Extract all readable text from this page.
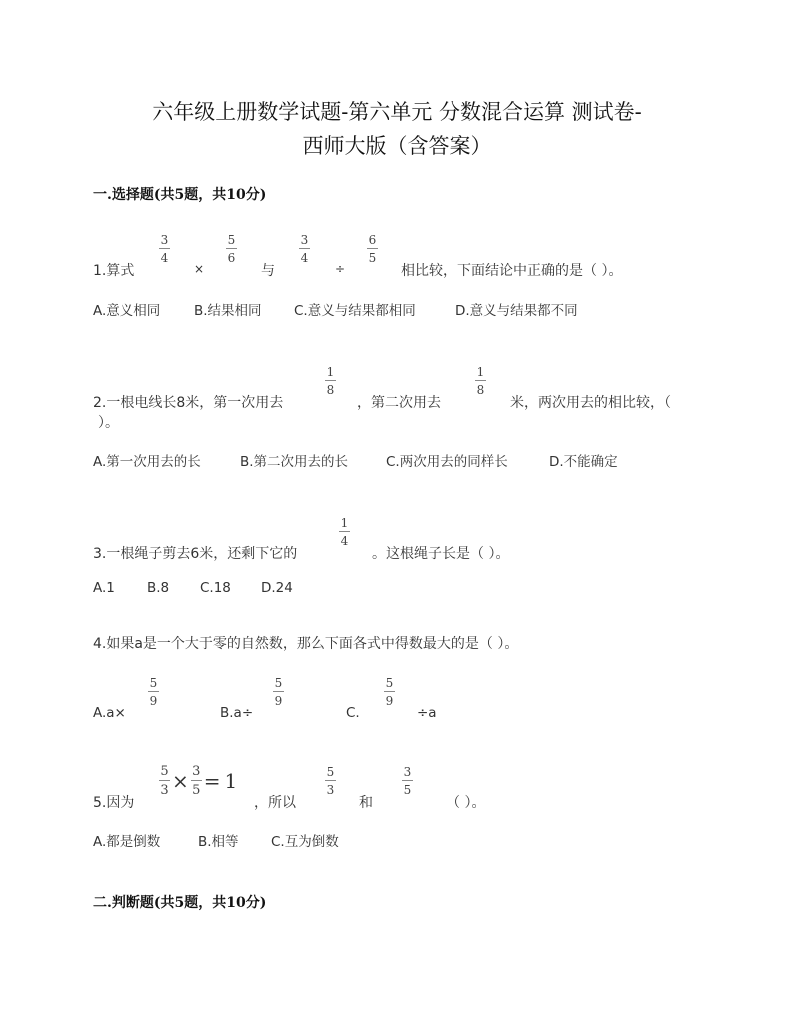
六年级上册数学试题-第六单元 分数混合运算 测试卷-
西师大版（含答案）
一.选择题(共5题，共10分)
1.算式
3
4
×
5
6
与
3
4
÷
6
5
相比较，下面结论中正确的是（ ）。
A.意义相同 B.结果相同 C.意义与结果都相同	D.意义与结果都不同
2.一根电线长8米，第一次用去
1
8
，第二次用去
1
8
米，两次用去的相比较，（
）。
A.第一次用去的长	B.第二次用去的长	C.两次用去的同样长	D.不能确定
3.一根绳子剪去6米，还剩下它的
1
4
。这根绳子长是（ ）。
A.1 B.8 C.18 D.24
4.如果a是一个大于零的自然数，那么下面各式中得数最大的是（ ）。
A.a×
5
9
B.a÷
5
9
C.
5
9
÷a
5.因为
$\frac{5}{3} \times \frac{3}{5} = 1$
，所以
5
3
和
3
5
（ ）。
A.都是倒数	B.相等 C.互为倒数
二.判断题(共5题，共10分)
